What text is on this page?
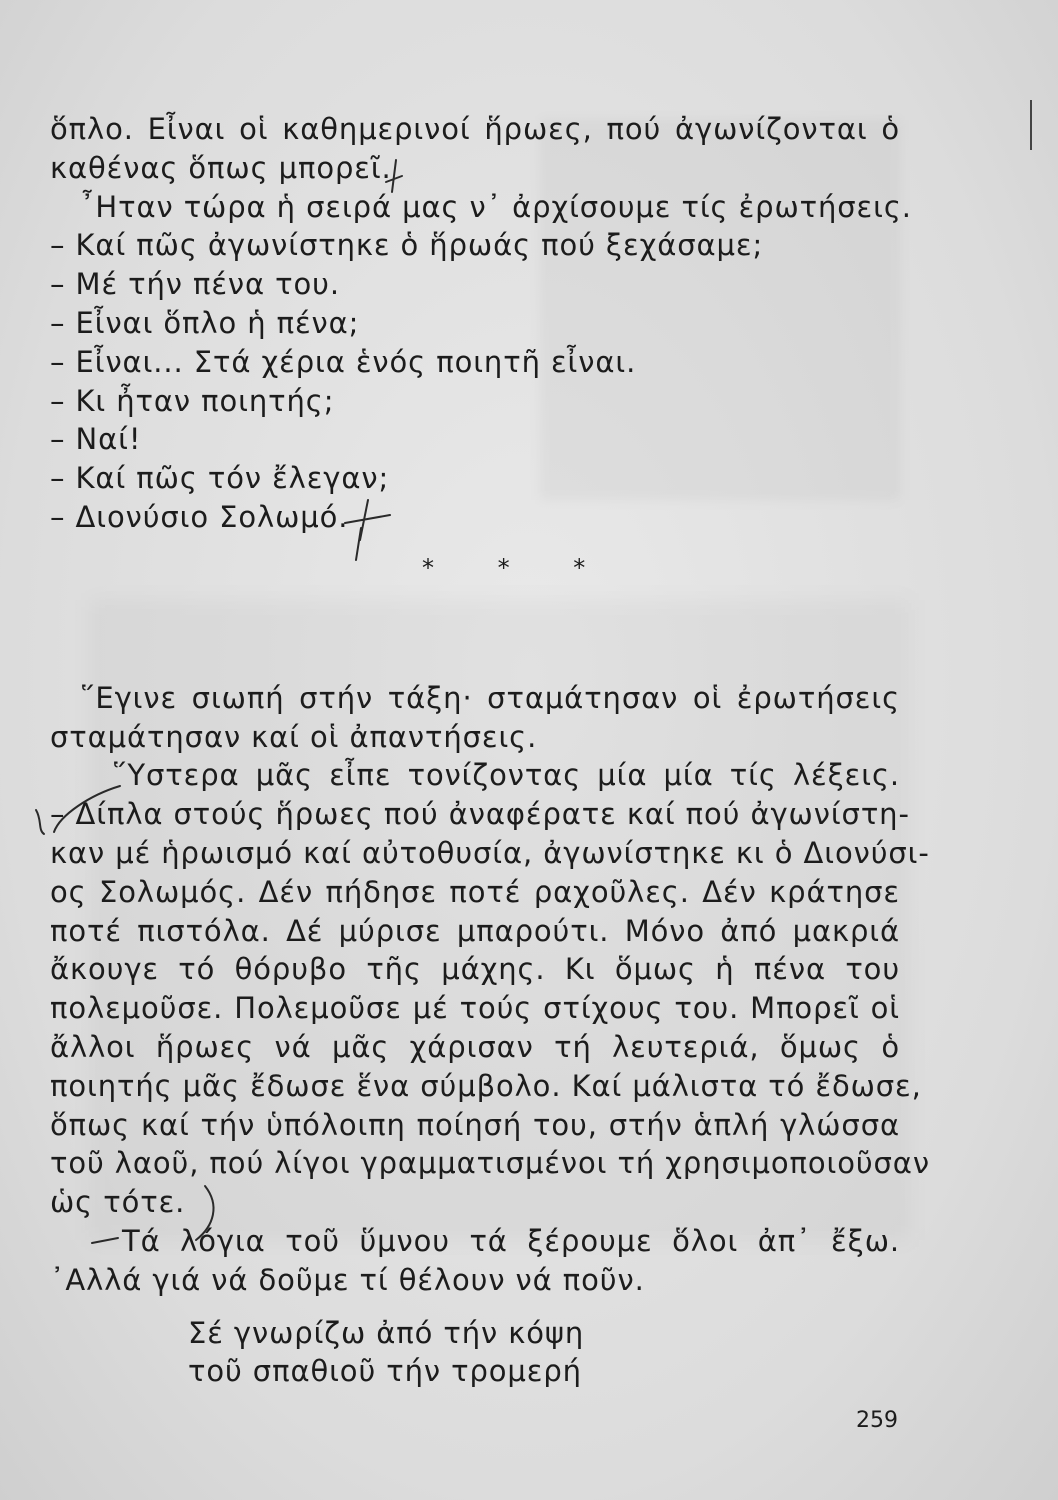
ὅπλο. Εἶναι οἱ καθημερινοί ἥρωες, πού ἀγωνίζονται ὁ
καθένας ὅπως μπορεῖ.
῏Ηταν τώρα ἡ σειρά μας ν᾿ ἀρχίσουμε τίς ἐρωτήσεις.
– Καί πῶς ἀγωνίστηκε ὁ ἥρωάς πού ξεχάσαμε;
– Μέ τήν πένα του.
– Εἶναι ὅπλο ἡ πένα;
– Εἶναι... Στά χέρια ἑνός ποιητῆ εἶναι.
– Κι ἦταν ποιητής;
– Ναί!
– Καί πῶς τόν ἔλεγαν;
– Διονύσιο Σολωμό.
* * *
῞Εγινε σιωπή στήν τάξη· σταμάτησαν οἱ ἐρωτήσεις
σταμάτησαν καί οἱ ἀπαντήσεις.
῞Υστερα μᾶς εἶπε τονίζοντας μία μία τίς λέξεις.
– Δίπλα στούς ἥρωες πού ἀναφέρατε καί πού ἀγωνίστη-
καν μέ ἡρωισμό καί αὐτοθυσία, ἀγωνίστηκε κι ὁ Διονύσι-
ος Σολωμός. Δέν πήδησε ποτέ ραχοῦλες. Δέν κράτησε
ποτέ πιστόλα. Δέ μύρισε μπαρούτι. Μόνο ἀπό μακριά
ἄκουγε τό θόρυβο τῆς μάχης. Κι ὅμως ἡ πένα του
πολεμοῦσε. Πολεμοῦσε μέ τούς στίχους του. Μπορεῖ οἱ
ἄλλοι ἥρωες νά μᾶς χάρισαν τή λευτεριά, ὅμως ὁ
ποιητής μᾶς ἔδωσε ἕνα σύμβολο. Καί μάλιστα τό ἔδωσε,
ὅπως καί τήν ὑπόλοιπη ποίησή του, στήν ἁπλή γλώσσα
τοῦ λαοῦ, πού λίγοι γραμματισμένοι τή χρησιμοποιοῦσαν
ὡς τότε.
Τά λόγια τοῦ ὕμνου τά ξέρουμε ὅλοι ἀπ᾿ ἔξω.
᾿Αλλά γιά νά δοῦμε τί θέλουν νά ποῦν.
Σέ γνωρίζω ἀπό τήν κόψη
τοῦ σπαθιοῦ τήν τρομερή
259
